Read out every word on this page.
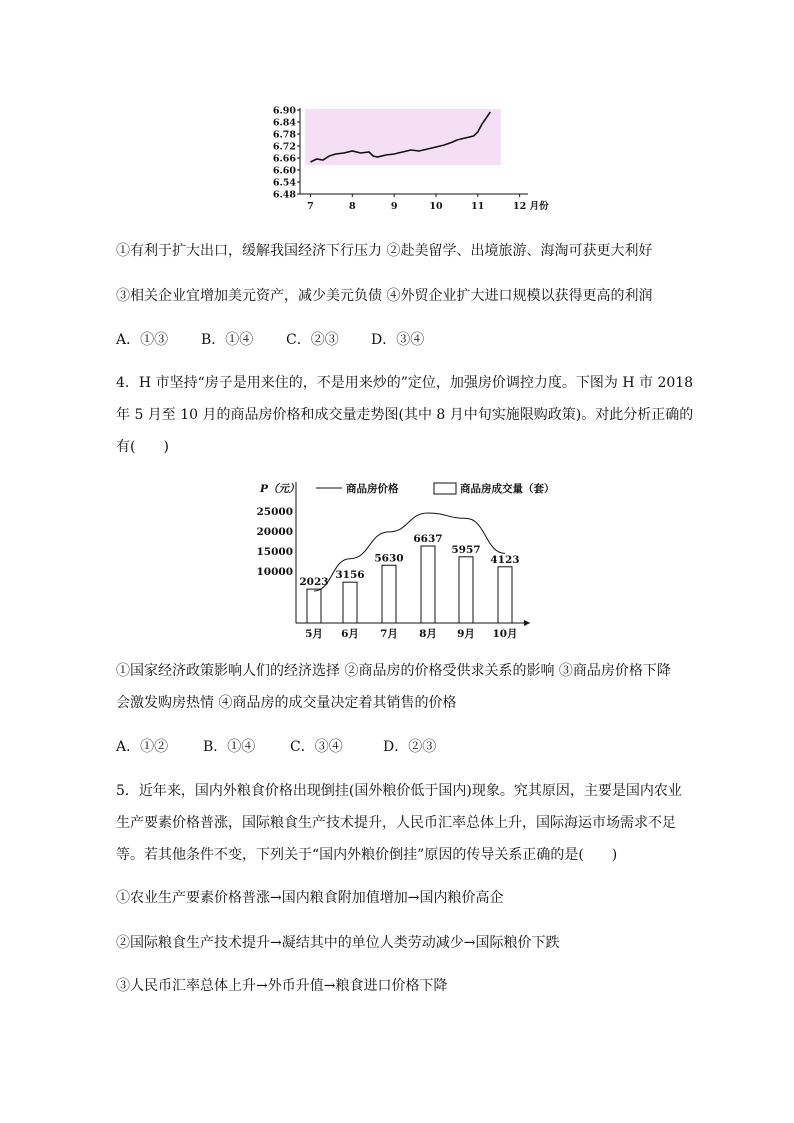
6.90
6.84
6.78
6.72
6.66
6.60
6.54
6.48
7	8	9	10	11	12 月份
①有利于扩大出口，缓解我国经济下行压力 ②赴美留学、出境旅游、海淘可获更大利好
③相关企业宜增加美元资产，减少美元负债 ④外贸企业扩大进口规模以获得更高的利润
A．①③ B．①④ C．②③ D．③④
4．H 市坚持“房子是用来住的，不是用来炒的”定位，加强房价调控力度。下图为 H 市 2018
年 5 月至 10 月的商品房价格和成交量走势图(其中 8 月中旬实施限购政策)。对此分析正确的
有(　　)
P（元）	商品房价格	商品房成交量（套）
25000
20000
15000
10000
2023
5月
3156
6月
5630
7月
6637
8月
5957
9月
4123
10月
①国家经济政策影响人们的经济选择 ②商品房的价格受供求关系的影响 ③商品房价格下降
会激发购房热情 ④商品房的成交量决定着其销售的价格
A．①② B．①④ C．③④	D．②③
5．近年来，国内外粮食价格出现倒挂(国外粮价低于国内)现象。究其原因，主要是国内农业
生产要素价格普涨，国际粮食生产技术提升，人民币汇率总体上升，国际海运市场需求不足
等。若其他条件不变，下列关于“国内外粮价倒挂”原因的传导关系正确的是(　　)
①农业生产要素价格普涨→国内粮食附加值增加→国内粮价高企
②国际粮食生产技术提升→凝结其中的单位人类劳动减少→国际粮价下跌
③人民币汇率总体上升→外币升值→粮食进口价格下降
